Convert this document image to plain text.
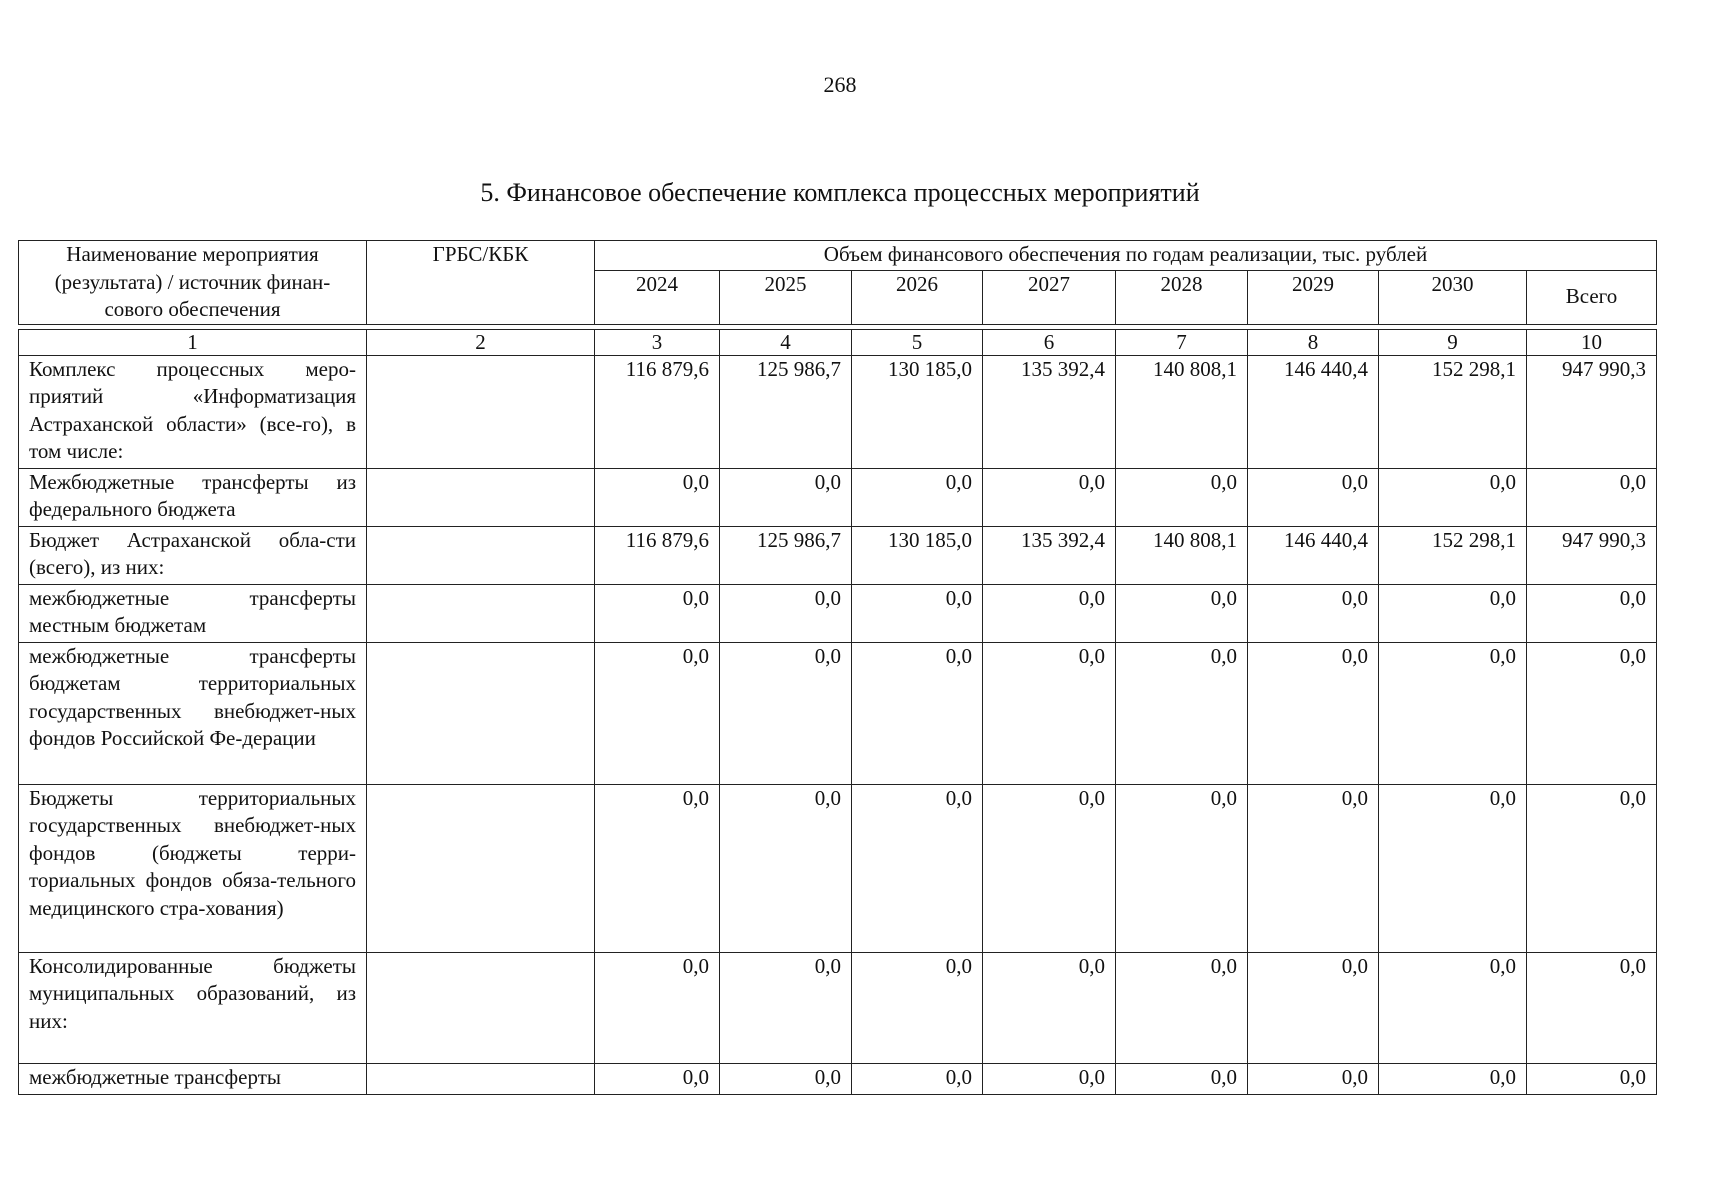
268
5. Финансовое обеспечение комплекса процессных мероприятий
Наименование мероприятия (результата) / источник финан-сового обеспечения	ГРБС/КБК	Объем финансового обеспечения по годам реализации, тыс. рублей							
		2024	2025	2026	2027	2028	2029	2030	Всего

1	2	3	4	5	6	7	8	9	10
Комплекс процессных меро-приятий «Информатизация Астраханской области» (все-го), в том числе:		116 879,6	125 986,7	130 185,0	135 392,4	140 808,1	146 440,4	152 298,1	947 990,3
Межбюджетные трансферты из федерального бюджета		0,0	0,0	0,0	0,0	0,0	0,0	0,0	0,0
Бюджет Астраханской обла-сти (всего), из них:		116 879,6	125 986,7	130 185,0	135 392,4	140 808,1	146 440,4	152 298,1	947 990,3
межбюджетные трансферты местным бюджетам		0,0	0,0	0,0	0,0	0,0	0,0	0,0	0,0
межбюджетные трансферты бюджетам территориальных государственных внебюджет-ных фондов Российской Фе-дерации		0,0	0,0	0,0	0,0	0,0	0,0	0,0	0,0
Бюджеты территориальных государственных внебюджет-ных фондов (бюджеты терри-ториальных фондов обяза-тельного медицинского стра-хования)		0,0	0,0	0,0	0,0	0,0	0,0	0,0	0,0
Консолидированные бюджеты муниципальных образований, из них:		0,0	0,0	0,0	0,0	0,0	0,0	0,0	0,0
межбюджетные трансферты		0,0	0,0	0,0	0,0	0,0	0,0	0,0	0,0
